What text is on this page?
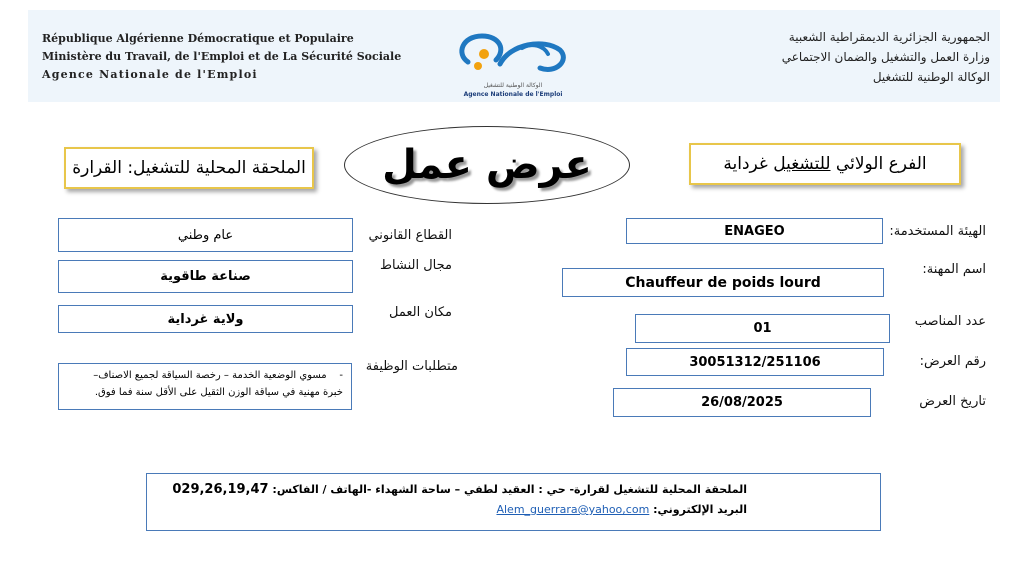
République Algérienne Démocratique et Populaire
Ministère du Travail, de l'Emploi et de La Sécurité Sociale
Agence Nationale de l'Emploi
الجمهورية الجزائرية الديمقراطية الشعبية
وزارة العمل والتشغيل والضمان الاجتماعي
الوكالة الوطنية للتشغيل
الوكالة الوطنية للتشغيل
Agence Nationale de l'Emploi
الملحقة المحلية للتشغيل: القرارة عرض عمل	الفرع الولائي للتشغيل غرداية
الهيئة المستخدمة:
ENAGEO
اسم المهنة:
Chauffeur de poids lourd
عدد المناصب
01
رقم العرض:
30051312/251106
تاريخ العرض
26/08/2025
القطاع القانوني
عام وطني
مجال النشاط
صناعة طاقوية
مكان العمل
ولاية غرداية
متطلبات الوظيفة
-    مسوي الوضعية الخدمة – رخصة السياقة لجميع الاصناف–
خبرة مهنية في سياقة الوزن الثقيل على الأقل سنة فما فوق.
الملحقة المحلية للتشغيل لقرارة- حي : العقيد لطفي – ساحة الشهداء -الهاتف / الفاكس: 029,26,19,47
البريد الإلكتروني: Alem_guerrara@yahoo,com
